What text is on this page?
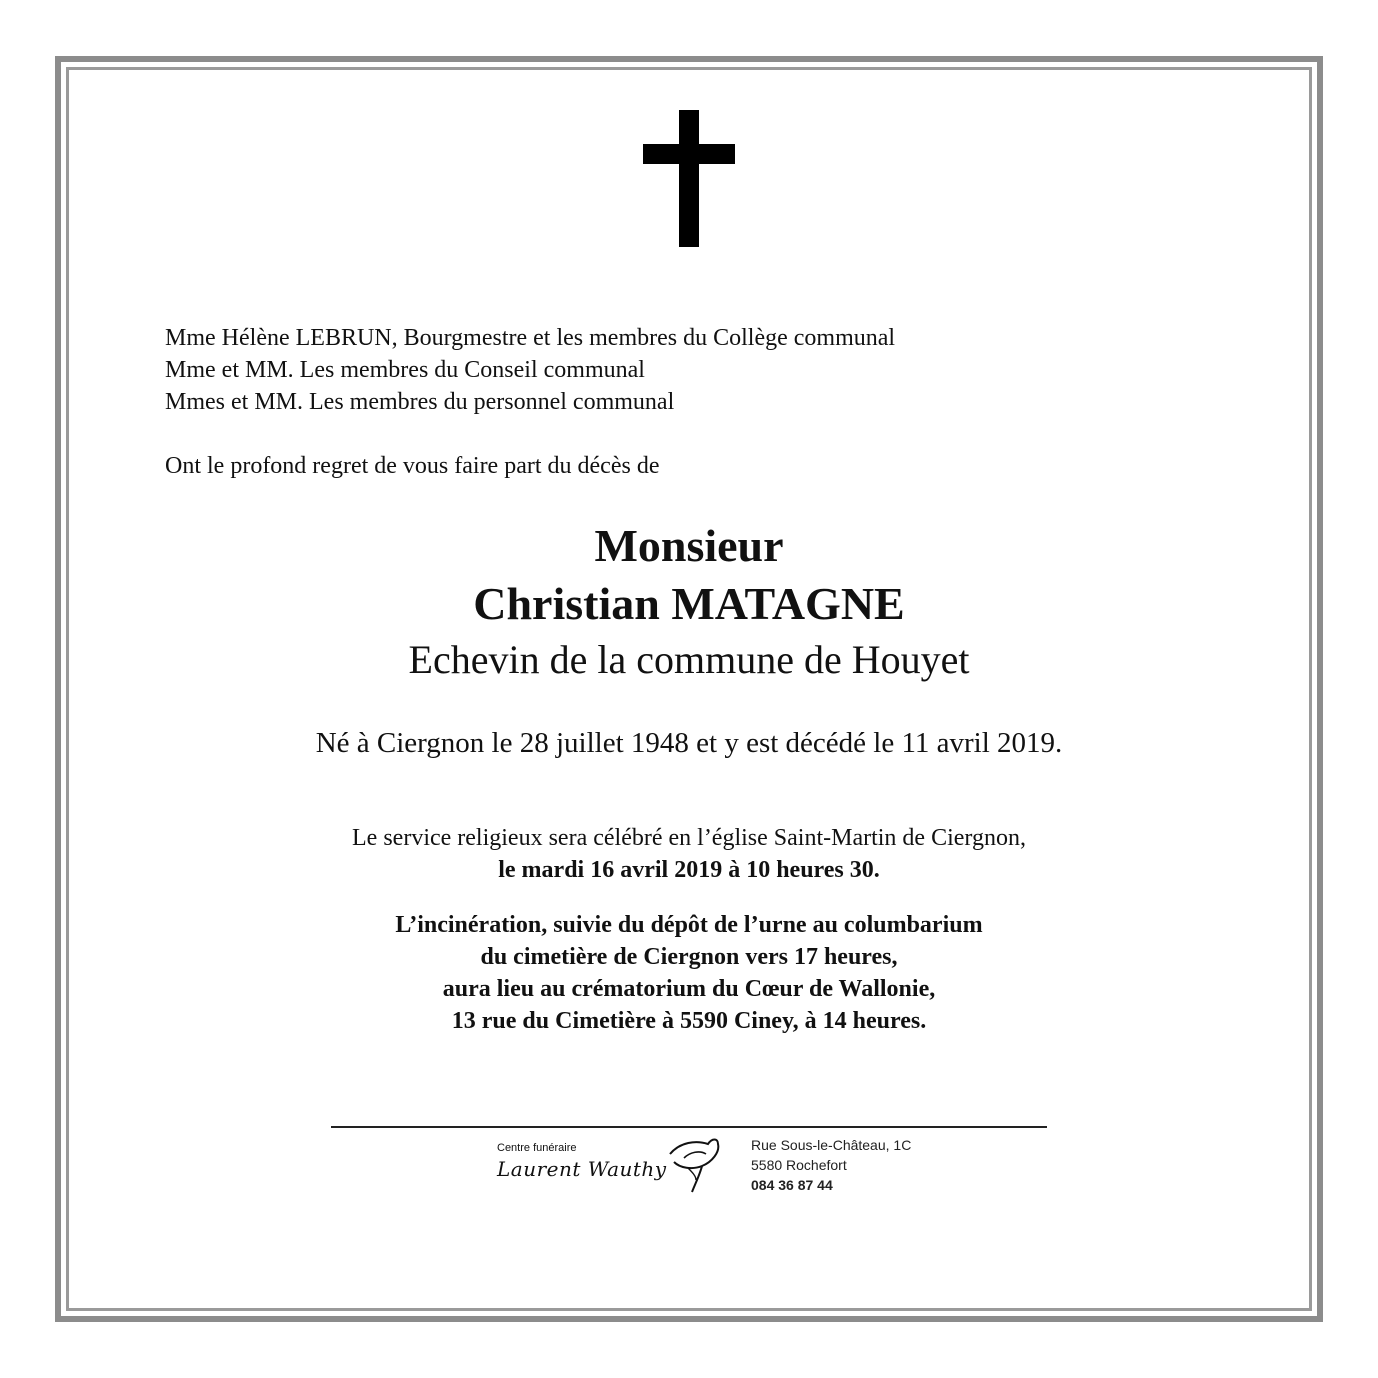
Mme Hélène LEBRUN, Bourgmestre et les membres du Collège communal
Mme et MM. Les membres du Conseil communal
Mmes et MM. Les membres du personnel communal
Ont le profond regret de vous faire part du décès de
Monsieur
Christian MATAGNE
Echevin de la commune de Houyet
Né à Ciergnon le 28 juillet 1948 et y est décédé le 11 avril 2019.
Le service religieux sera célébré en l’église Saint-Martin de Ciergnon,
le mardi 16 avril 2019 à 10 heures 30.
L’incinération, suivie du dépôt de l’urne au columbarium
du cimetière de Ciergnon vers 17 heures,
aura lieu au crématorium du Cœur de Wallonie,
13 rue du Cimetière à 5590 Ciney, à 14 heures.
Centre funéraire
Laurent Wauthy
Rue Sous-le-Château, 1C
5580 Rochefort
084 36 87 44
